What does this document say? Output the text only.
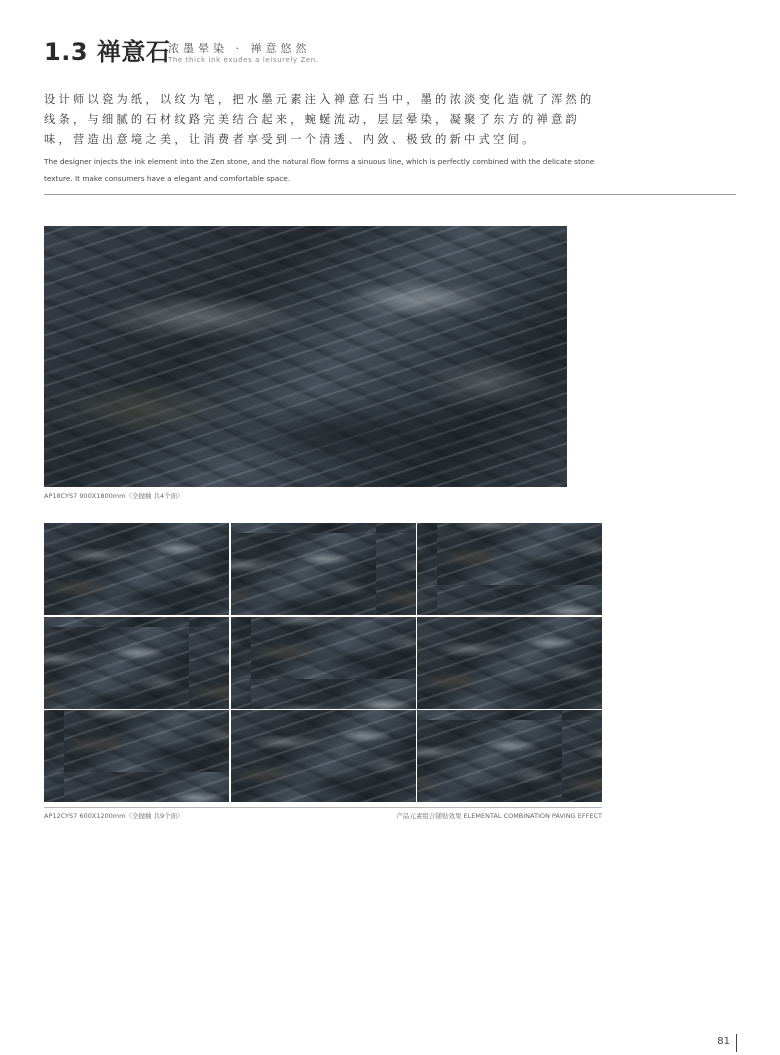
1.3 禅意石
浓墨晕染 · 禅意悠然
The thick ink exudes a leisurely Zen.

设计师以瓷为纸，以纹为笔，把水墨元素注入禅意石当中，墨的浓淡变化造就了浑然的线条，与细腻的石材纹路完美结合起来，蜿蜒流动，层层晕染，凝聚了东方的禅意韵味，营造出意境之美，让消费者享受到一个清透、内敛、极致的新中式空间。

The designer injects the ink element into the Zen stone, and the natural flow forms a sinuous line, which is perfectly combined with the delicate stone texture. It make consumers have a elegant and comfortable space.

AP18CYS7 900X1800mm（全抛釉 共4个面）

AP12CYS7 600X1200mm（全抛釉 共9个面）	产品元素组合铺贴效果 ELEMENTAL COMBINATION PAVING EFFECT

81
